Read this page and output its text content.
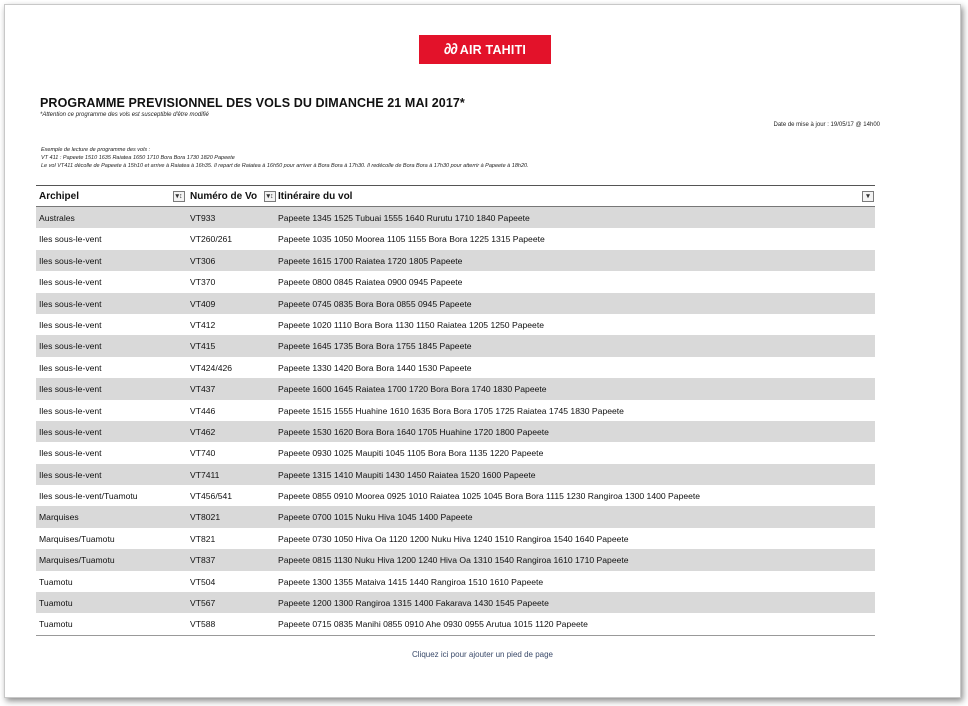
∂∂ AIR TAHITI
PROGRAMME PREVISIONNEL DES VOLS DU DIMANCHE 21 MAI 2017*
*Attention ce programme des vols est susceptible d'être modifié
Date de mise à jour : 19/05/17 @ 14h00
Exemple de lecture de programme des vols :
VT 411 : Papeete 1510 1635 Raiatea 1650 1710 Bora Bora 1730 1820 Papeete
Le vol VT411 décolle de Papeete à 15h10 et arrive à Raiatea à 16h35. Il repart de Raiatea à 16h50 pour arriver à Bora Bora à 17h30. Il redécolle de Bora Bora à 17h30 pour atterrir à Papeete à 18h20.
Archipel	▾↕ Numéro de Vo	▾↕ Itinéraire du vol	▾
Australes	VT933	Papeete 1345 1525 Tubuai 1555 1640 Rurutu 1710 1840 Papeete
Iles sous-le-vent	VT260/261	Papeete 1035 1050 Moorea 1105 1155 Bora Bora 1225 1315 Papeete
Iles sous-le-vent	VT306	Papeete 1615 1700 Raiatea 1720 1805 Papeete
Iles sous-le-vent	VT370	Papeete 0800 0845 Raiatea 0900 0945 Papeete
Iles sous-le-vent	VT409	Papeete 0745 0835 Bora Bora 0855 0945 Papeete
Iles sous-le-vent	VT412	Papeete 1020 1110 Bora Bora 1130 1150 Raiatea 1205 1250 Papeete
Iles sous-le-vent	VT415	Papeete 1645 1735 Bora Bora 1755 1845 Papeete
Iles sous-le-vent	VT424/426	Papeete 1330 1420 Bora Bora 1440 1530 Papeete
Iles sous-le-vent	VT437	Papeete 1600 1645 Raiatea 1700 1720 Bora Bora 1740 1830 Papeete
Iles sous-le-vent	VT446	Papeete 1515 1555 Huahine 1610 1635 Bora Bora 1705 1725 Raiatea 1745 1830 Papeete
Iles sous-le-vent	VT462	Papeete 1530 1620 Bora Bora 1640 1705 Huahine 1720 1800 Papeete
Iles sous-le-vent	VT740	Papeete 0930 1025 Maupiti 1045 1105 Bora Bora 1135 1220 Papeete
Iles sous-le-vent	VT7411	Papeete 1315 1410 Maupiti 1430 1450 Raiatea 1520 1600 Papeete
Iles sous-le-vent/Tuamotu	VT456/541	Papeete 0855 0910 Moorea 0925 1010 Raiatea 1025 1045 Bora Bora 1115 1230 Rangiroa 1300 1400 Papeete
Marquises	VT8021	Papeete 0700 1015 Nuku Hiva 1045 1400 Papeete
Marquises/Tuamotu	VT821	Papeete 0730 1050 Hiva Oa 1120 1200 Nuku Hiva 1240 1510 Rangiroa 1540 1640 Papeete
Marquises/Tuamotu	VT837	Papeete 0815 1130 Nuku Hiva 1200 1240 Hiva Oa 1310 1540 Rangiroa 1610 1710 Papeete
Tuamotu	VT504	Papeete 1300 1355 Mataiva 1415 1440 Rangiroa 1510 1610 Papeete
Tuamotu	VT567	Papeete 1200 1300 Rangiroa 1315 1400 Fakarava 1430 1545 Papeete
Tuamotu	VT588	Papeete 0715 0835 Manihi 0855 0910 Ahe 0930 0955 Arutua 1015 1120 Papeete
Cliquez ici pour ajouter un pied de page
